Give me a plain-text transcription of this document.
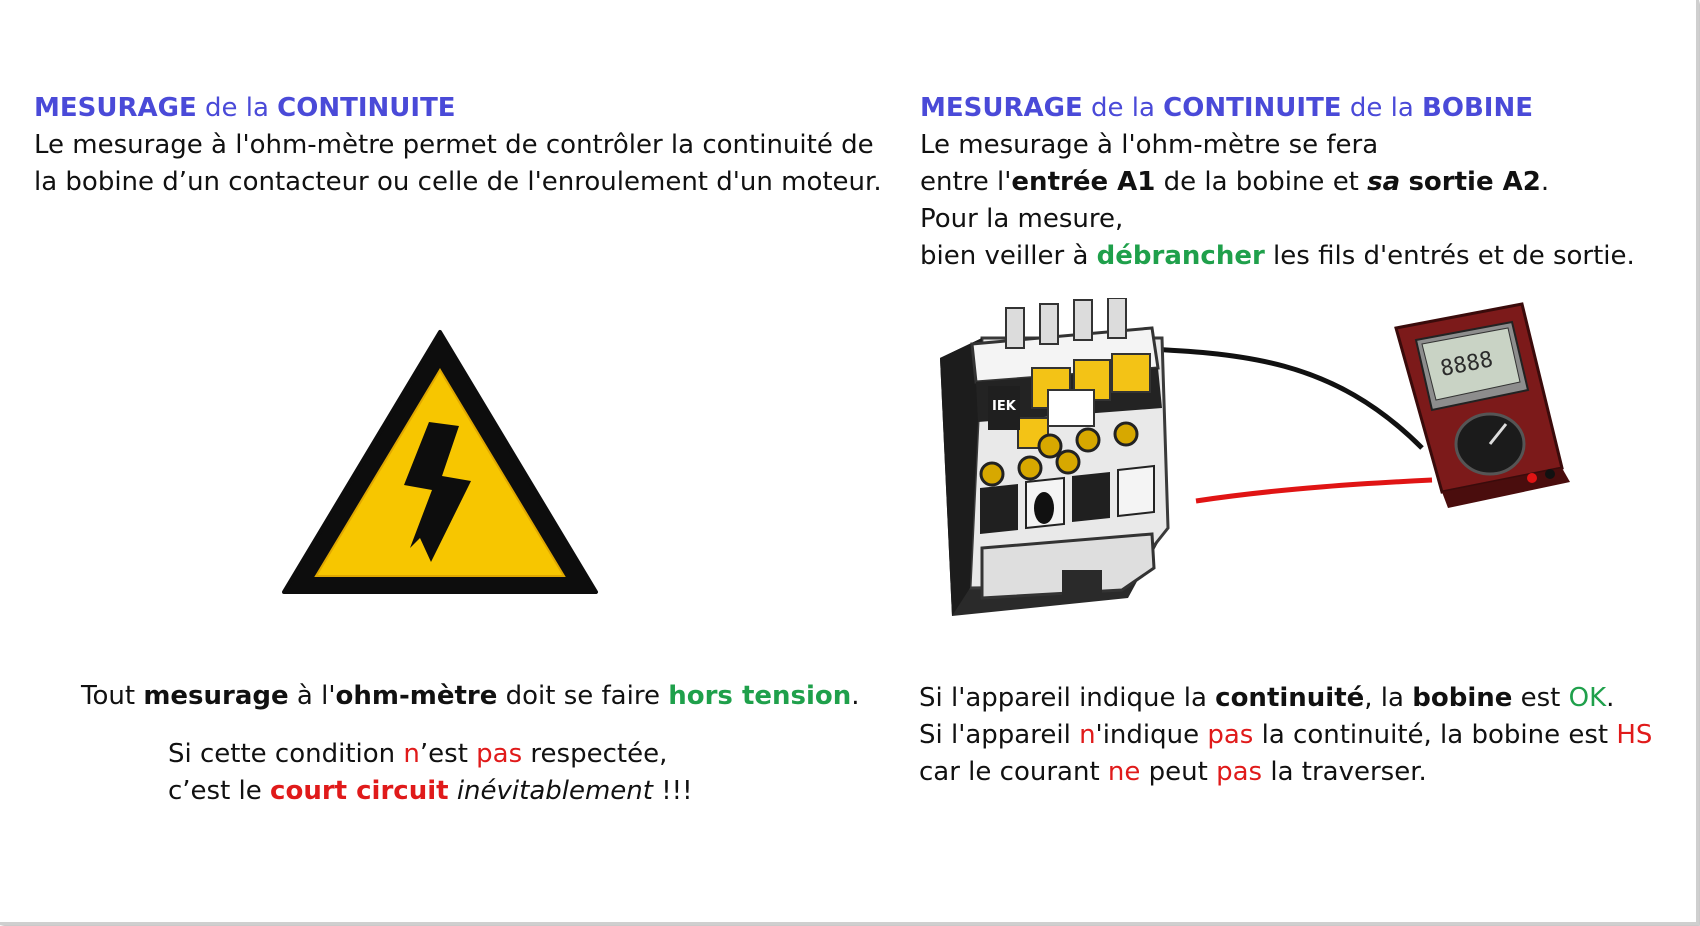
MESURAGE de la CONTINUITE
Le mesurage à l'ohm-mètre permet de contrôler la continuité de
la bobine d’un contacteur ou celle de l'enroulement d'un moteur.
MESURAGE de la CONTINUITE de la BOBINE
Le mesurage à l'ohm-mètre se fera
entre l'entrée A1 de la bobine et sa sortie A2.
Pour la mesure,
bien veiller à débrancher les fils d'entrés et de sortie.
IEK
8888
Tout mesurage à l'ohm-mètre doit se faire hors tension.
Si cette condition n’est pas respectée,
c’est le court circuit inévitablement !!!
Si l'appareil indique la continuité, la bobine est OK.
Si l'appareil n'indique pas la continuité, la bobine est HS
car le courant ne peut pas la traverser.
